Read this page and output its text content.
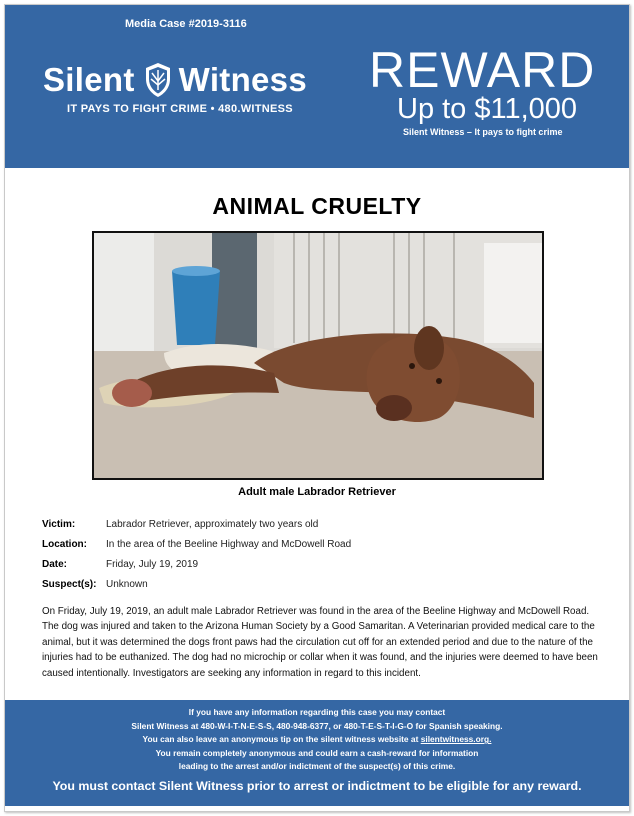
Media Case #2019-3116
Silent Witness
IT PAYS TO FIGHT CRIME • 480.WITNESS
REWARD
Up to $11,000
Silent Witness – It pays to fight crime
ANIMAL CRUELTY
Adult male Labrador Retriever
Victim:	Labrador Retriever, approximately two years old
Location:	In the area of the Beeline Highway and McDowell Road
Date:	Friday, July 19, 2019
Suspect(s): Unknown
On Friday, July 19, 2019, an adult male Labrador Retriever was found in the area of the Beeline Highway and McDowell Road. The dog was injured and taken to the Arizona Human Society by a Good Samaritan. A Veterinarian provided medical care to the animal, but it was determined the dogs front paws had the circulation cut off for an extended period and due to the nature of the injuries had to be euthanized. The dog had no microchip or collar when it was found, and the injuries were deemed to have been caused intentionally. Investigators are seeking any information in regard to this incident.
If you have any information regarding this case you may contact
Silent Witness at 480-W-I-T-N-E-S-S, 480-948-6377, or 480-T-E-S-T-I-G-O for Spanish speaking.
You can also leave an anonymous tip on the silent witness website at silentwitness.org.
You remain completely anonymous and could earn a cash-reward for information
leading to the arrest and/or indictment of the suspect(s) of this crime.
You must contact Silent Witness prior to arrest or indictment to be eligible for any reward.
